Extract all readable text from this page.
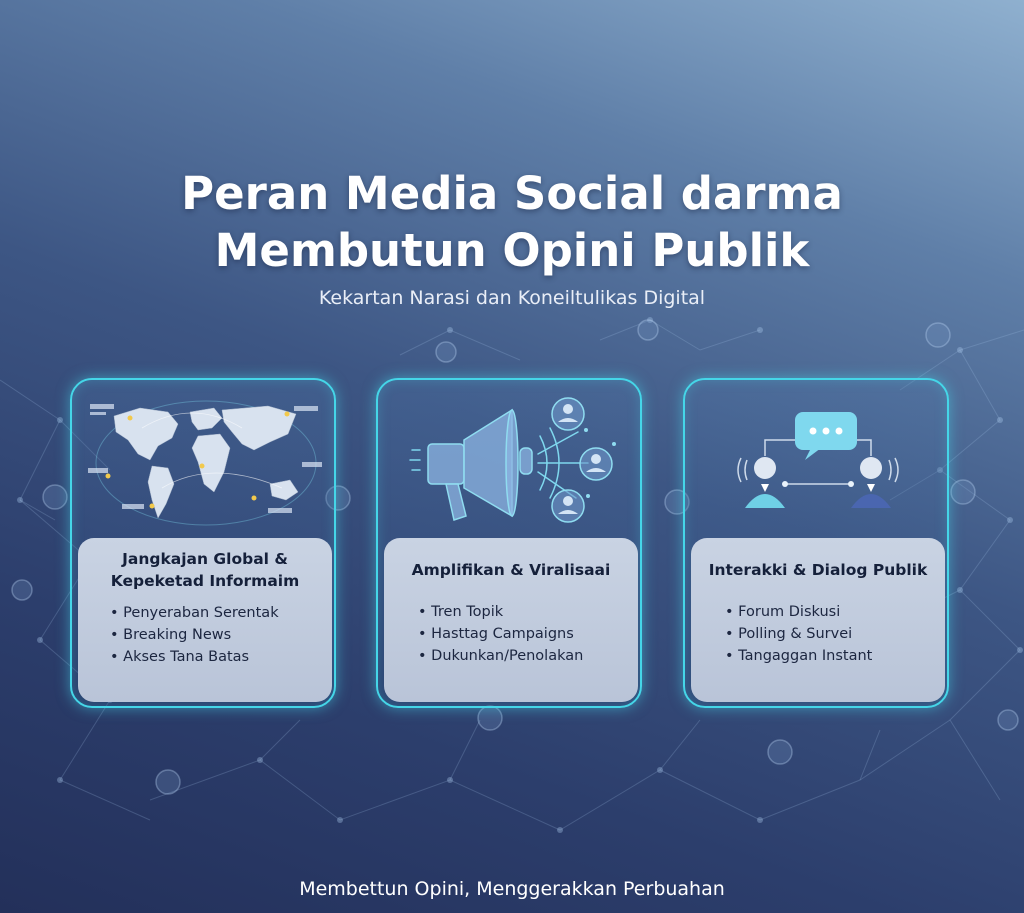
Peran Media Social darma
Membutun Opini Publik
Kekartan Narasi dan Koneiltulikas Digital
Jangkajan Global &
Kepeketad Informaim
• Penyeraban Serentak
• Breaking News
• Akses Tana Batas
Amplifikan & Viralisaai
• Tren Topik
• Hasttag Campaigns
• Dukunkan/Penolakan
Interakki & Dialog Publik
• Forum Diskusi
• Polling & Survei
• Tangaggan Instant
Membettun Opini, Menggerakkan Perbuahan
